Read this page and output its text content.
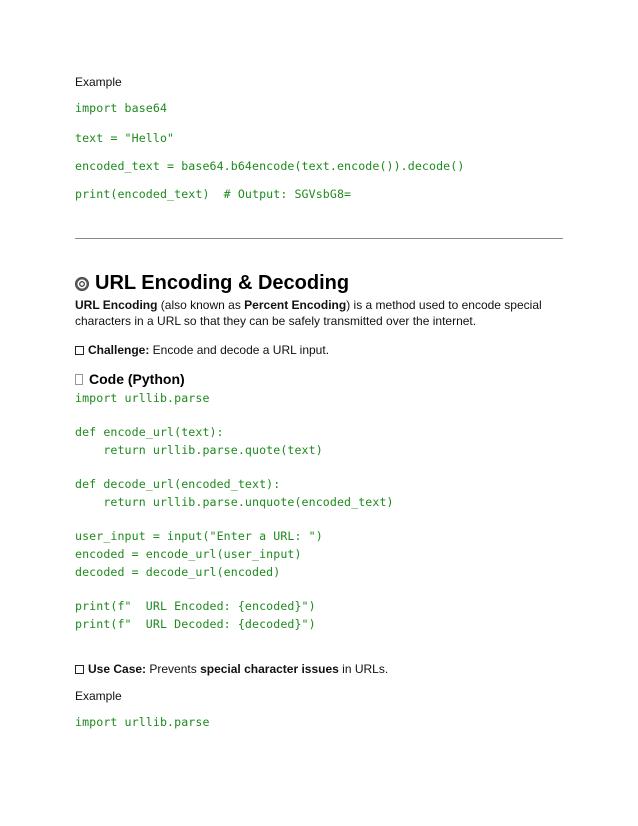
Example
import base64
text = "Hello"
encoded_text = base64.b64encode(text.encode()).decode()
print(encoded_text)  # Output: SGVsbG8=
URL Encoding & Decoding
URL Encoding (also known as Percent Encoding) is a method used to encode special characters in a URL so that they can be safely transmitted over the internet.
Challenge: Encode and decode a URL input.
Code (Python)
import urllib.parse
def encode_url(text):
return urllib.parse.quote(text)
def decode_url(encoded_text):
return urllib.parse.unquote(encoded_text)
user_input = input("Enter a URL: ")
encoded = encode_url(user_input)
decoded = decode_url(encoded)
print(f"  URL Encoded: {encoded}")
print(f"  URL Decoded: {decoded}")
Use Case: Prevents special character issues in URLs.
Example
import urllib.parse
